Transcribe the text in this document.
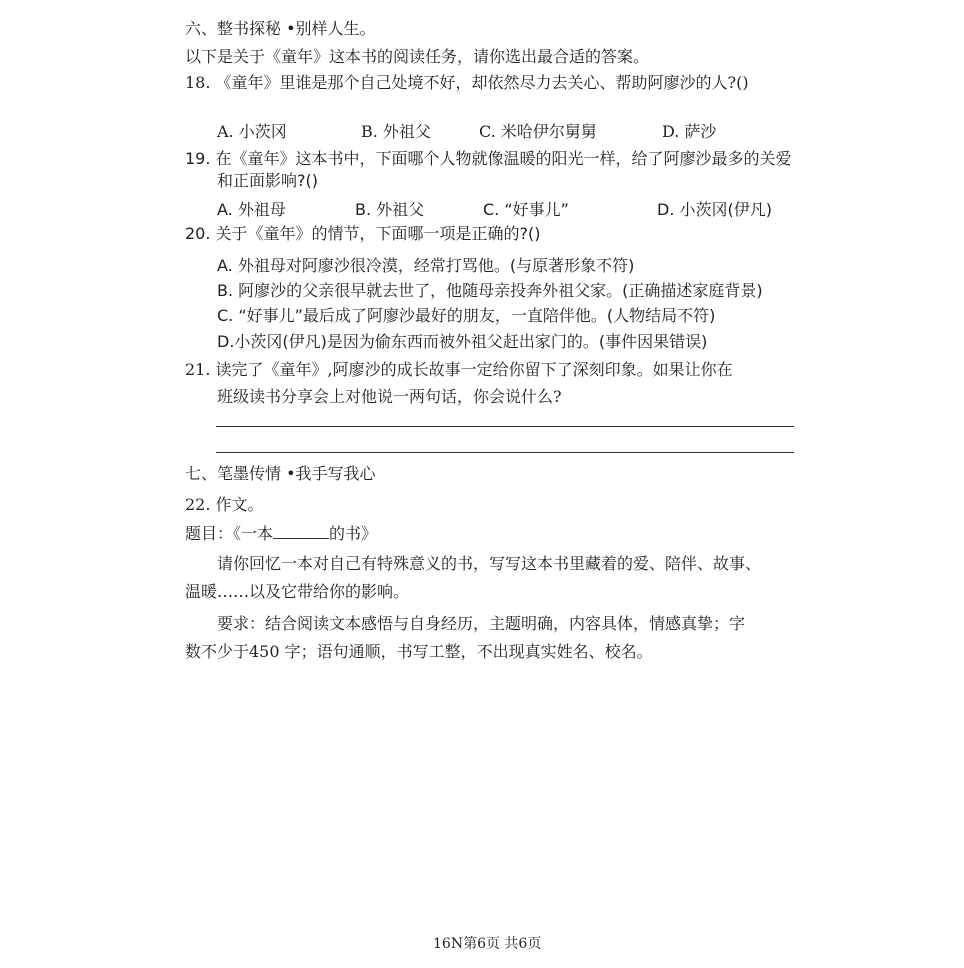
六、整书探秘 •别样人生。
以下是关于《童年》这本书的阅读任务，请你选出最合适的答案。
18. 《童年》里谁是那个自己处境不好，却依然尽力去关心、帮助阿廖沙的人?()
A. 小茨冈	B. 外祖父	C. 米哈伊尔舅舅	D. 萨沙
19. 在《童年》这本书中，下面哪个人物就像温暖的阳光一样，给了阿廖沙最多的关爱
和正面影响?()
A. 外祖母	B. 外祖父	C. “好事儿”	D. 小茨冈(伊凡)
20. 关于《童年》的情节，下面哪一项是正确的?()
A. 外祖母对阿廖沙很冷漠，经常打骂他。(与原著形象不符)
B. 阿廖沙的父亲很早就去世了，他随母亲投奔外祖父家。(正确描述家庭背景)
C. “好事儿”最后成了阿廖沙最好的朋友，一直陪伴他。(人物结局不符)
D.小茨冈(伊凡)是因为偷东西而被外祖父赶出家门的。(事件因果错误)
21. 读完了《童年》,阿廖沙的成长故事一定给你留下了深刻印象。如果让你在
班级读书分享会上对他说一两句话，你会说什么?
七、笔墨传情 •我手写我心
22. 作文。
题目：《一本	的书》
请你回忆一本对自己有特殊意义的书，写写这本书里藏着的爱、陪伴、故事、
温暖……以及它带给你的影响。
要求：结合阅读文本感悟与自身经历，主题明确，内容具体，情感真挚；字
数不少于450 字；语句通顺，书写工整，不出现真实姓名、校名。
16N第6页 共6页
